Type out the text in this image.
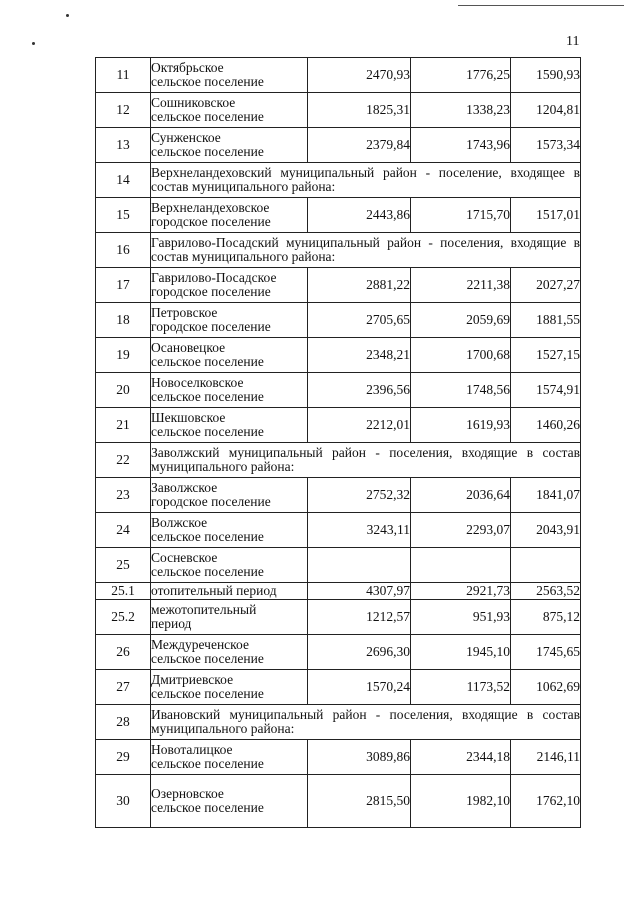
11
11	Октябрьское
сельское поселение	2470,93	1776,25	1590,93
12	Сошниковское
сельское поселение	1825,31	1338,23	1204,81
13	Сунженское
сельское поселение	2379,84	1743,96	1573,34
14	Верхнеландеховский муниципальный район - поселение, входящее в состав муниципального района:			

15	Верхнеландеховское
городское поселение	2443,86	1715,70	1517,01
16	Гаврилово-Посадский муниципальный район - поселения, входящие в состав муниципального района:			

17	Гаврилово-Посадское
городское поселение	2881,22	2211,38	2027,27
18	Петровское
городское поселение	2705,65	2059,69	1881,55
19	Осановецкое
сельское поселение	2348,21	1700,68	1527,15
20	Новоселковское
сельское поселение	2396,56	1748,56	1574,91
21	Шекшовское
сельское поселение	2212,01	1619,93	1460,26
22	Заволжский муниципальный район - поселения, входящие в состав муниципального района:			

23	Заволжское
городское поселение	2752,32	2036,64	1841,07
24	Волжское
сельское поселение	3243,11	2293,07	2043,91
25	Сосневское
сельское поселение			
25.1	отопительный период	4307,97	2921,73	2563,52
25.2	межотопительный
период	1212,57	951,93	875,12
26	Междуреченское
сельское поселение	2696,30	1945,10	1745,65
27	Дмитриевское
сельское поселение	1570,24	1173,52	1062,69
28	Ивановский муниципальный район - поселения, входящие в состав муниципального района:			

29	Новоталицкое
сельское поселение	3089,86	2344,18	2146,11
30	Озерновское
сельское поселение	2815,50	1982,10	1762,10
